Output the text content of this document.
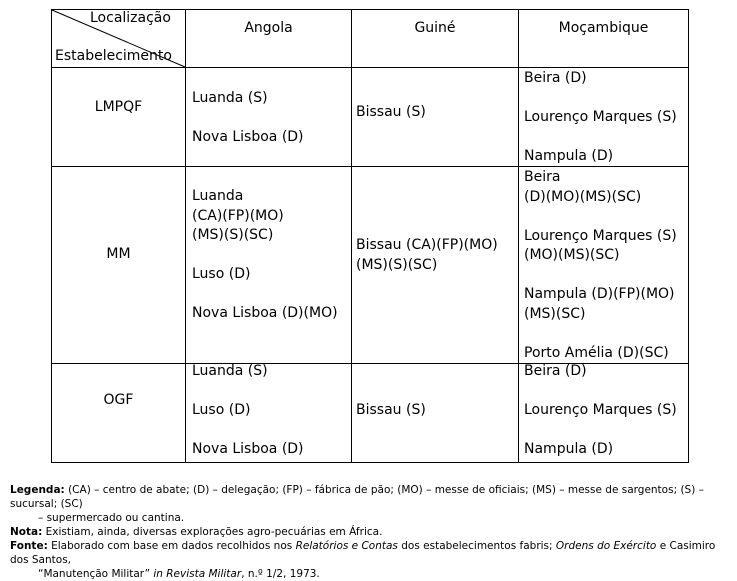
Localização
Estabelecimento
Angola	Guiné	Moçambique
LMPQF
MM
OGF
Luanda (S)
Nova Lisboa (D)
Bissau (S)
Beira (D)
Lourenço Marques (S)
Nampula (D)
Luanda
(CA)(FP)(MO)
(MS)(S)(SC)
Luso (D)
Nova Lisboa (D)(MO)
Bissau (CA)(FP)(MO)
(MS)(S)(SC)
Beira
(D)(MO)(MS)(SC)
Lourenço Marques (S)
(MO)(MS)(SC)
Nampula (D)(FP)(MO)
(MS)(SC)
Porto Amélia (D)(SC)
Luanda (S)
Luso (D)
Nova Lisboa (D)
Bissau (S)
Beira (D)
Lourenço Marques (S)
Nampula (D)

Legenda: (CA) – centro de abate; (D) – delegação; (FP) – fábrica de pão; (MO) – messe de oficiais; (MS) – messe de sargentos; (S) – sucursal; (SC)

– supermercado ou cantina.

Nota: Existiam, ainda, diversas explorações agro-pecuárias em África.

Fonte: Elaborado com base em dados recolhidos nos Relatórios e Contas dos estabelecimentos fabris; Ordens do Exército e Casimiro dos Santos,

“Manutenção Militar” in Revista Militar, n.º 1/2, 1973.
